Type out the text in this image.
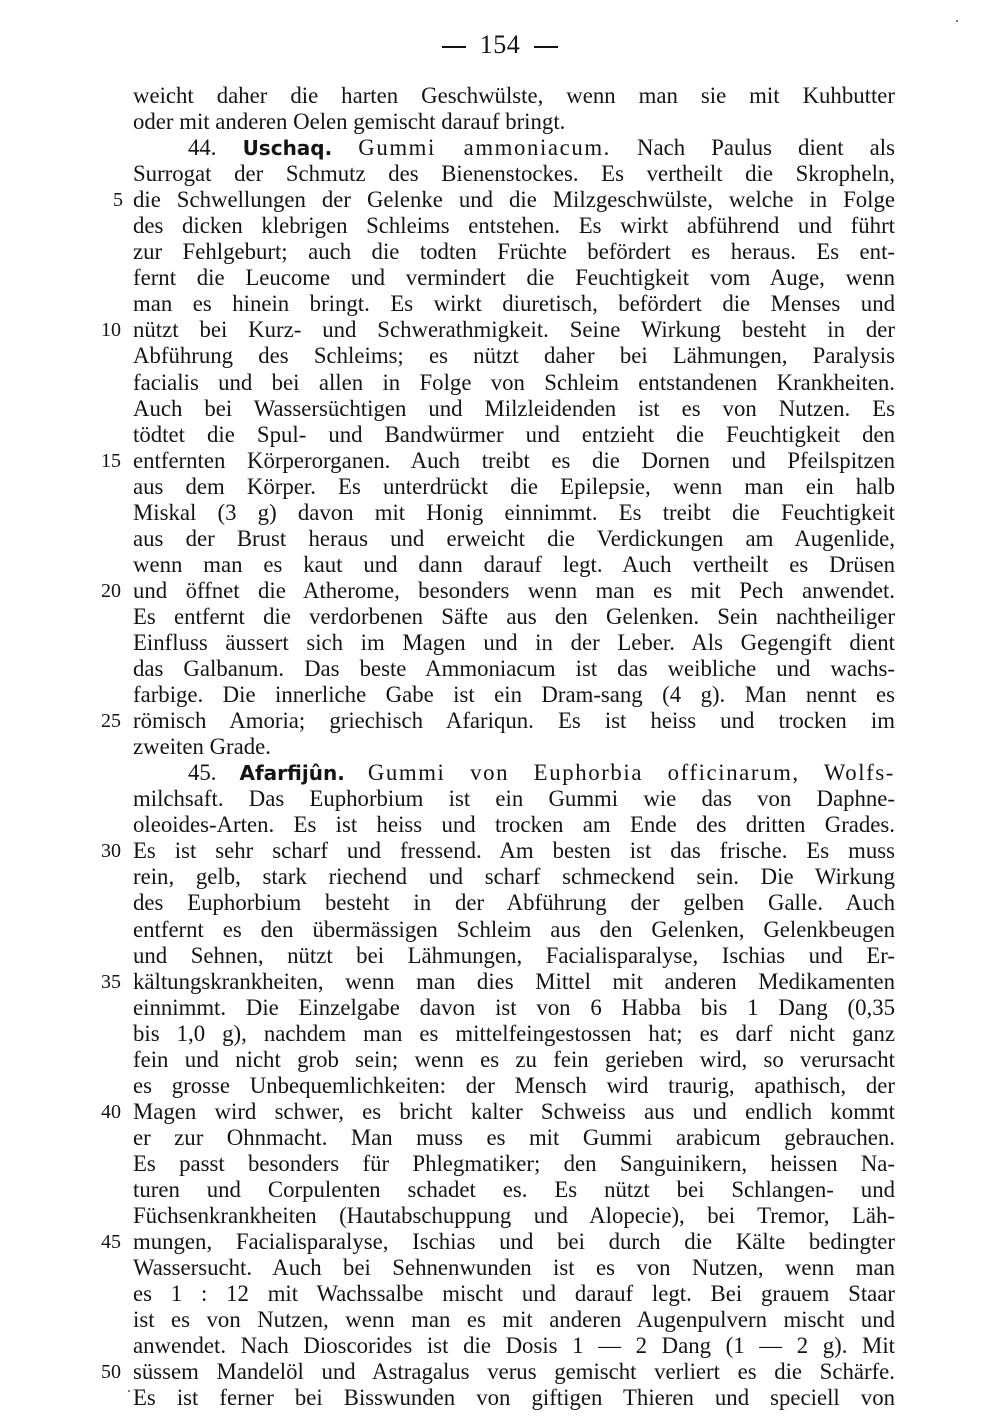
154
weicht daher die harten Geschwülste, wenn man sie mit Kuhbutter
oder mit anderen Oelen gemischt darauf bringt.
44. Uschaq. Gummi ammoniacum. Nach Paulus dient als
Surrogat der Schmutz des Bienenstockes. Es vertheilt die Skropheln,
die Schwellungen der Gelenke und die Milzgeschwülste, welche in Folge
5
des dicken klebrigen Schleims entstehen. Es wirkt abführend und führt
zur Fehlgeburt; auch die todten Früchte befördert es heraus. Es ent-
fernt die Leucome und vermindert die Feuchtigkeit vom Auge, wenn
man es hinein bringt. Es wirkt diuretisch, befördert die Menses und
nützt bei Kurz- und Schwerathmigkeit. Seine Wirkung besteht in der
10
Abführung des Schleims; es nützt daher bei Lähmungen, Paralysis
facialis und bei allen in Folge von Schleim entstandenen Krankheiten.
Auch bei Wassersüchtigen und Milzleidenden ist es von Nutzen. Es
tödtet die Spul- und Bandwürmer und entzieht die Feuchtigkeit den
entfernten Körperorganen. Auch treibt es die Dornen und Pfeilspitzen
15
aus dem Körper. Es unterdrückt die Epilepsie, wenn man ein halb
Miskal (3 g) davon mit Honig einnimmt. Es treibt die Feuchtigkeit
aus der Brust heraus und erweicht die Verdickungen am Augenlide,
wenn man es kaut und dann darauf legt. Auch vertheilt es Drüsen
und öffnet die Atherome, besonders wenn man es mit Pech anwendet.
20
Es entfernt die verdorbenen Säfte aus den Gelenken. Sein nachtheiliger
Einfluss äussert sich im Magen und in der Leber. Als Gegengift dient
das Galbanum. Das beste Ammoniacum ist das weibliche und wachs-
farbige. Die innerliche Gabe ist ein Dram-sang (4 g). Man nennt es
römisch Amoria; griechisch Afariqun. Es ist heiss und trocken im
25
zweiten Grade.
45. Afarfijûn. Gummi von Euphorbia officinarum, Wolfs-
milchsaft. Das Euphorbium ist ein Gummi wie das von Daphne-
oleoides-Arten. Es ist heiss und trocken am Ende des dritten Grades.
Es ist sehr scharf und fressend. Am besten ist das frische. Es muss
30
rein, gelb, stark riechend und scharf schmeckend sein. Die Wirkung
des Euphorbium besteht in der Abführung der gelben Galle. Auch
entfernt es den übermässigen Schleim aus den Gelenken, Gelenkbeugen
und Sehnen, nützt bei Lähmungen, Facialisparalyse, Ischias und Er-
kältungskrankheiten, wenn man dies Mittel mit anderen Medikamenten
35
einnimmt. Die Einzelgabe davon ist von 6 Habba bis 1 Dang (0,35
bis 1,0 g), nachdem man es mittelfeingestossen hat; es darf nicht ganz
fein und nicht grob sein; wenn es zu fein gerieben wird, so verursacht
es grosse Unbequemlichkeiten: der Mensch wird traurig, apathisch, der
Magen wird schwer, es bricht kalter Schweiss aus und endlich kommt
40
er zur Ohnmacht. Man muss es mit Gummi arabicum gebrauchen.
Es passt besonders für Phlegmatiker; den Sanguinikern, heissen Na-
turen und Corpulenten schadet es. Es nützt bei Schlangen- und
Füchsenkrankheiten (Hautabschuppung und Alopecie), bei Tremor, Läh-
mungen, Facialisparalyse, Ischias und bei durch die Kälte bedingter
45
Wassersucht. Auch bei Sehnenwunden ist es von Nutzen, wenn man
es 1 : 12 mit Wachssalbe mischt und darauf legt. Bei grauem Staar
ist es von Nutzen, wenn man es mit anderen Augenpulvern mischt und
anwendet. Nach Dioscorides ist die Dosis 1 — 2 Dang (1 — 2 g). Mit
süssem Mandelöl und Astragalus verus gemischt verliert es die Schärfe.
50
Es ist ferner bei Bisswunden von giftigen Thieren und speciell von
